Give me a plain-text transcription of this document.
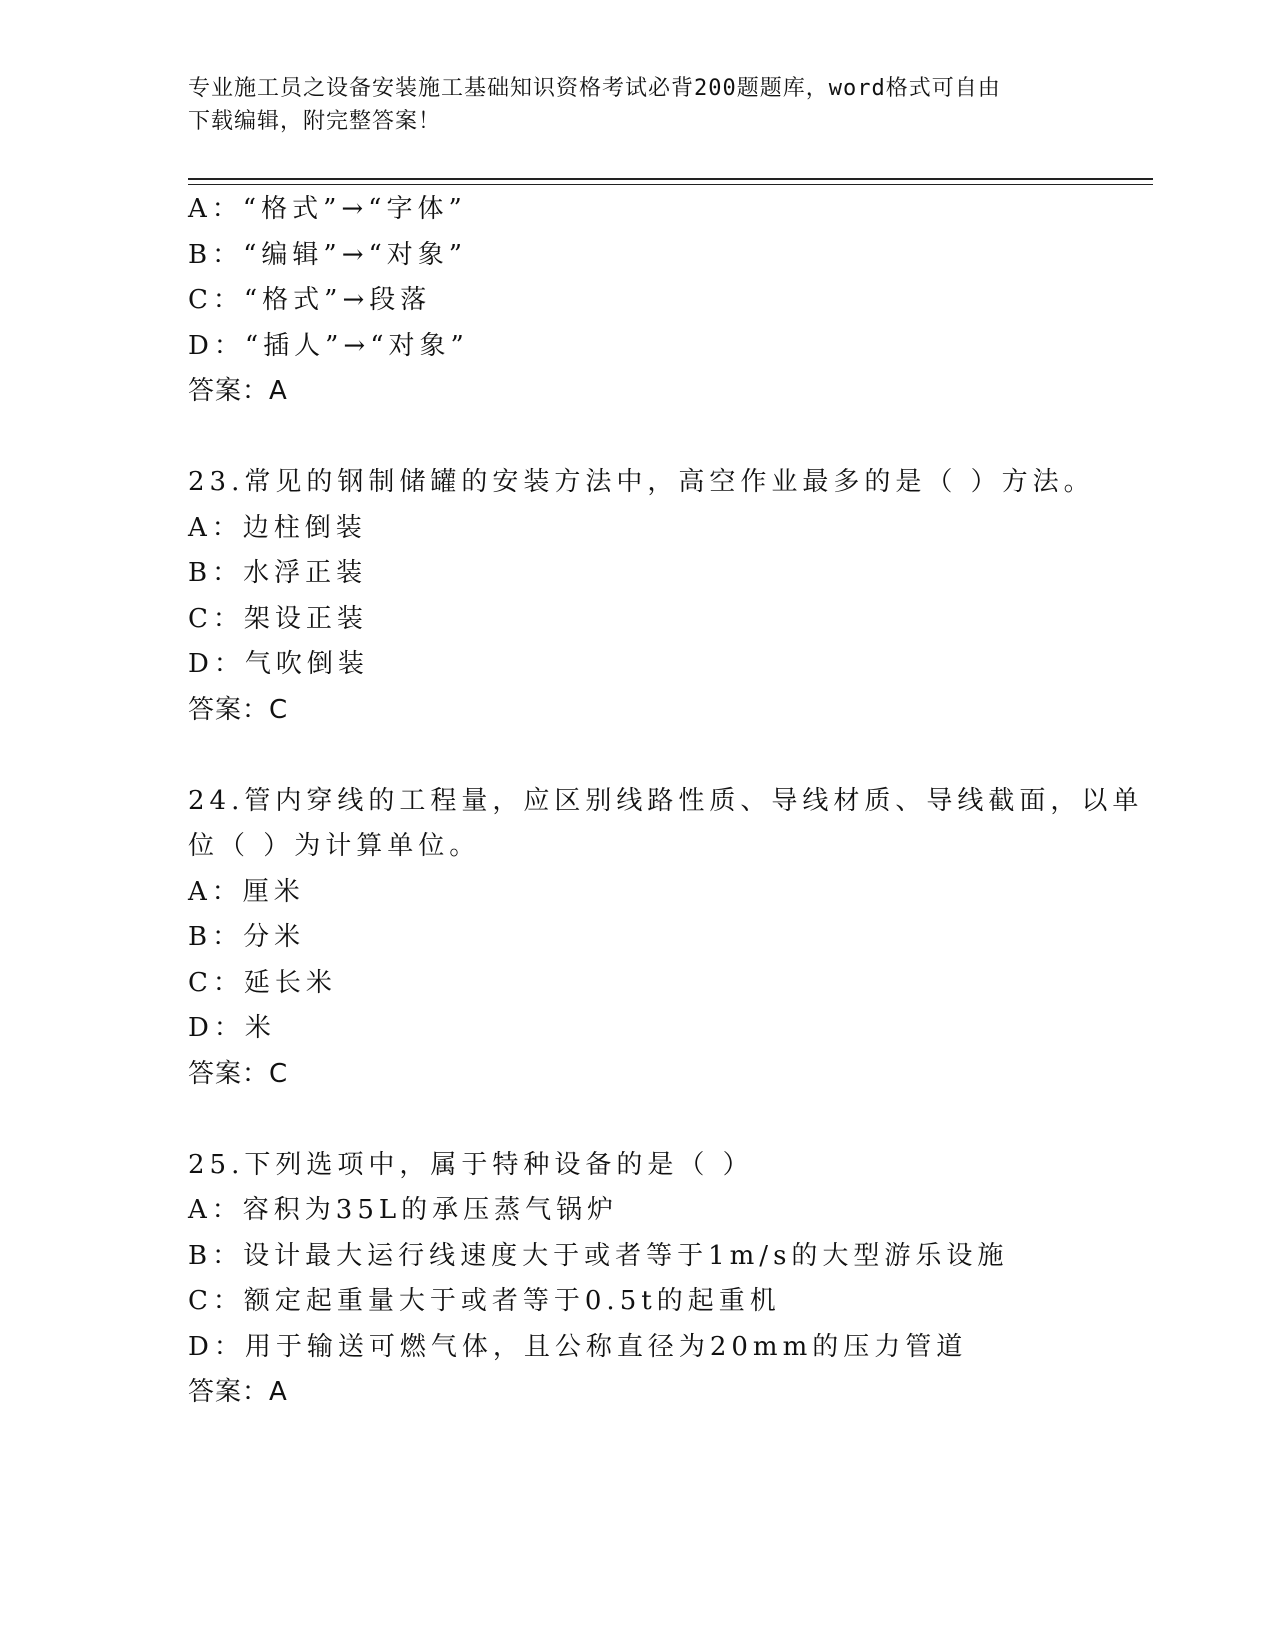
专业施工员之设备安装施工基础知识资格考试必背200题题库，word格式可自由
下载编辑，附完整答案！
A：“格式”→“字体”
B：“编辑”→“对象”
C：“格式”→段落
D：“插人”→“对象”
答案：A
23.常见的钢制储罐的安装方法中，高空作业最多的是（ ）方法。
A：边柱倒装
B：水浮正装
C：架设正装
D：气吹倒装
答案：C
24.管内穿线的工程量，应区别线路性质、导线材质、导线截面，以单
位（ ）为计算单位。
A：厘米
B：分米
C：延长米
D：米
答案：C
25.下列选项中，属于特种设备的是（ ）
A：容积为35L的承压蒸气锅炉
B：设计最大运行线速度大于或者等于1m/s的大型游乐设施
C：额定起重量大于或者等于0.5t的起重机
D：用于输送可燃气体，且公称直径为20mm的压力管道
答案：A
